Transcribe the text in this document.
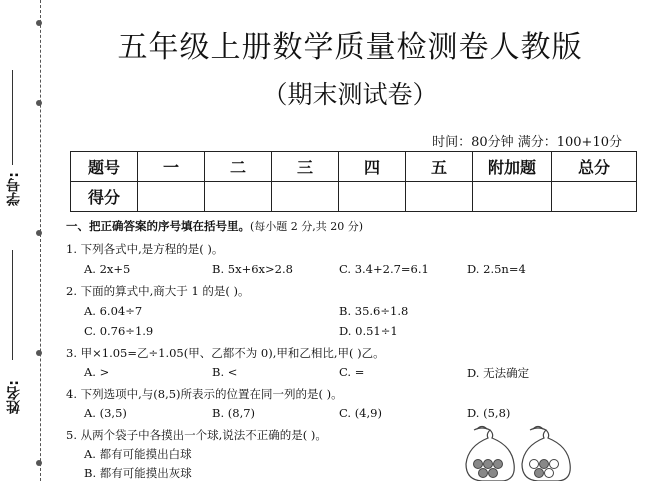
学号:
姓名:
五年级上册数学质量检测卷人教版
（期末测试卷）
时间：80分钟 满分：100+10分
题号	一	二	三	四	五	附加题	总分
得分							
一、把正确答案的序号填在括号里。(每小题 2 分,共 20 分)
1. 下列各式中,是方程的是( )。
A. 2x+5	B. 5x+6x>2.8	C. 3.4+2.7=6.1	D. 2.5n=4
2. 下面的算式中,商大于 1 的是( )。
A. 6.04÷7	B. 35.6÷1.8
C. 0.76÷1.9	D. 0.51÷1
3. 甲×1.05=乙÷1.05(甲、乙都不为 0),甲和乙相比,甲( )乙。
A. >	B. <	C. =	D. 无法确定
4. 下列选项中,与(8,5)所表示的位置在同一列的是( )。
A. (3,5)	B. (8,7)	C. (4,9)	D. (5,8)
5. 从两个袋子中各摸出一个球,说法不正确的是( )。
A. 都有可能摸出白球
B. 都有可能摸出灰球
